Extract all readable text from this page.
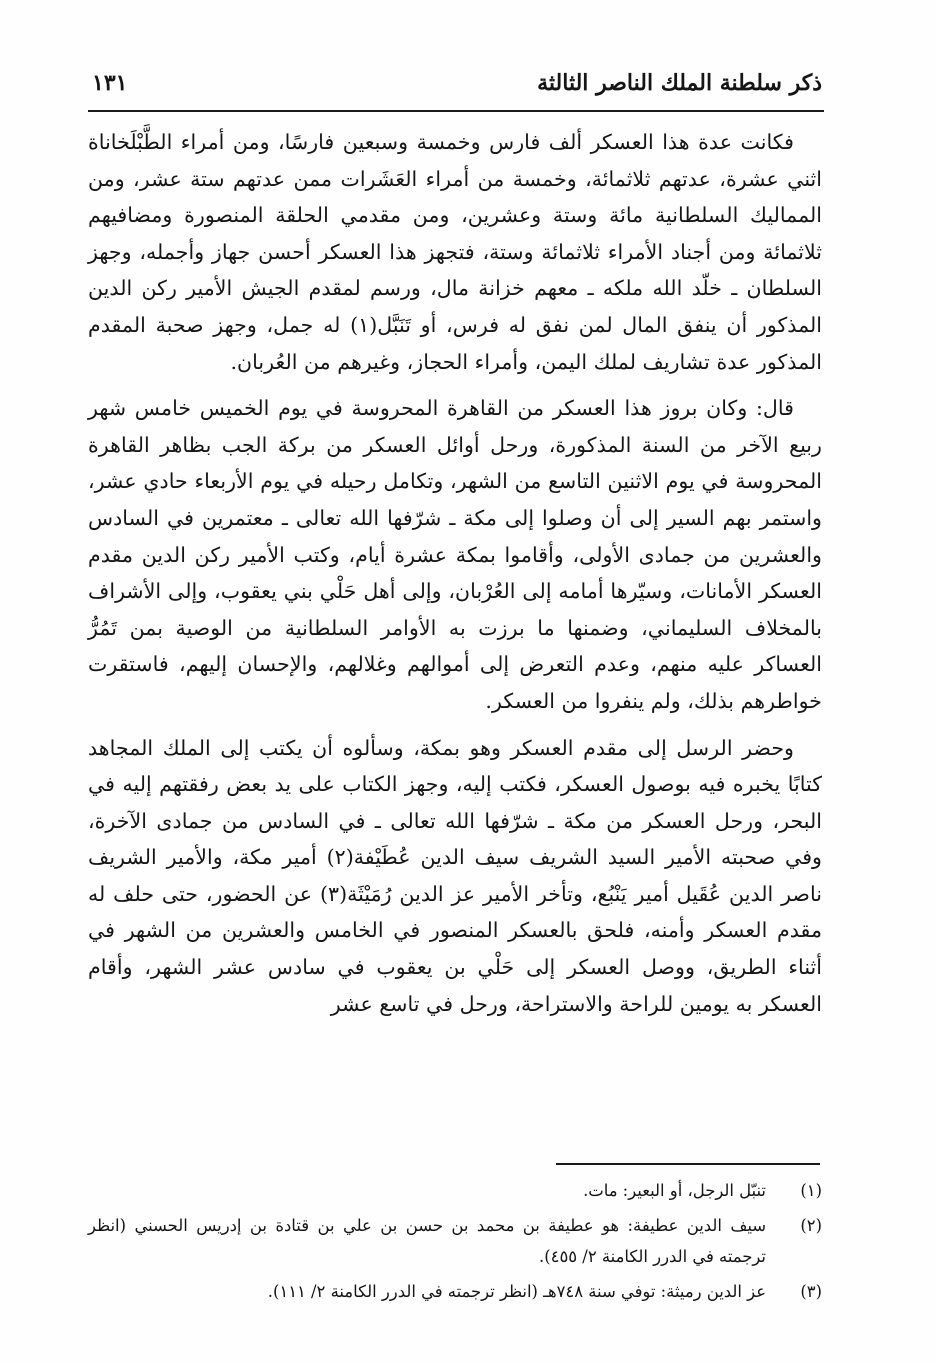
ذكر سلطنة الملك الناصر الثالثة
١٣١

فكانت عدة هذا العسكر ألف فارس وخمسة وسبعين فارسًا، ومن أمراء الطَّبْلَخاناة اثني عشرة، عدتهم ثلاثمائة، وخمسة من أمراء العَشَرات ممن عدتهم ستة عشر، ومن المماليك السلطانية مائة وستة وعشرين، ومن مقدمي الحلقة المنصورة ومضافيهم ثلاثمائة ومن أجناد الأمراء ثلاثمائة وستة، فتجهز هذا العسكر أحسن جهاز وأجمله، وجهز السلطان ـ خلّد الله ملكه ـ معهم خزانة مال، ورسم لمقدم الجيش الأمير ركن الدين المذكور أن ينفق المال لمن نفق له فرس، أو تَنَبَّل(١) له جمل، وجهز صحبة المقدم المذكور عدة تشاريف لملك اليمن، وأمراء الحجاز، وغيرهم من العُربان.

قال: وكان بروز هذا العسكر من القاهرة المحروسة في يوم الخميس خامس شهر ربيع الآخر من السنة المذكورة، ورحل أوائل العسكر من بركة الجب بظاهر القاهرة المحروسة في يوم الاثنين التاسع من الشهر، وتكامل رحيله في يوم الأربعاء حادي عشر، واستمر بهم السير إلى أن وصلوا إلى مكة ـ شرّفها الله تعالى ـ معتمرين في السادس والعشرين من جمادى الأولى، وأقاموا بمكة عشرة أيام، وكتب الأمير ركن الدين مقدم العسكر الأمانات، وسيّرها أمامه إلى العُرْبان، وإلى أهل حَلْي بني يعقوب، وإلى الأشراف بالمخلاف السليماني، وضمنها ما برزت به الأوامر السلطانية من الوصية بمن تَمُرُّ العساكر عليه منهم، وعدم التعرض إلى أموالهم وغلالهم، والإحسان إليهم، فاستقرت خواطرهم بذلك، ولم ينفروا من العسكر.

وحضر الرسل إلى مقدم العسكر وهو بمكة، وسألوه أن يكتب إلى الملك المجاهد كتابًا يخبره فيه بوصول العسكر، فكتب إليه، وجهز الكتاب على يد بعض رفقتهم إليه في البحر، ورحل العسكر من مكة ـ شرّفها الله تعالى ـ في السادس من جمادى الآخرة، وفي صحبته الأمير السيد الشريف سيف الدين عُطَيْفة(٢) أمير مكة، والأمير الشريف ناصر الدين عُقَيل أمير يَنْبُع، وتأخر الأمير عز الدين رُمَيْثَة(٣) عن الحضور، حتى حلف له مقدم العسكر وأمنه، فلحق بالعسكر المنصور في الخامس والعشرين من الشهر في أثناء الطريق، ووصل العسكر إلى حَلْي بن يعقوب في سادس عشر الشهر، وأقام العسكر به يومين للراحة والاستراحة، ورحل في تاسع عشر

(١)
تنبّل الرجل، أو البعير: مات.
(٢)
سيف الدين عطيفة: هو عطيفة بن محمد بن حسن بن علي بن قتادة بن إدريس الحسني (انظر ترجمته في الدرر الكامنة ٢/ ٤٥٥).
(٣)
عز الدين رميثة: توفي سنة ٧٤٨هـ (انظر ترجمته في الدرر الكامنة ٢/ ١١١).
